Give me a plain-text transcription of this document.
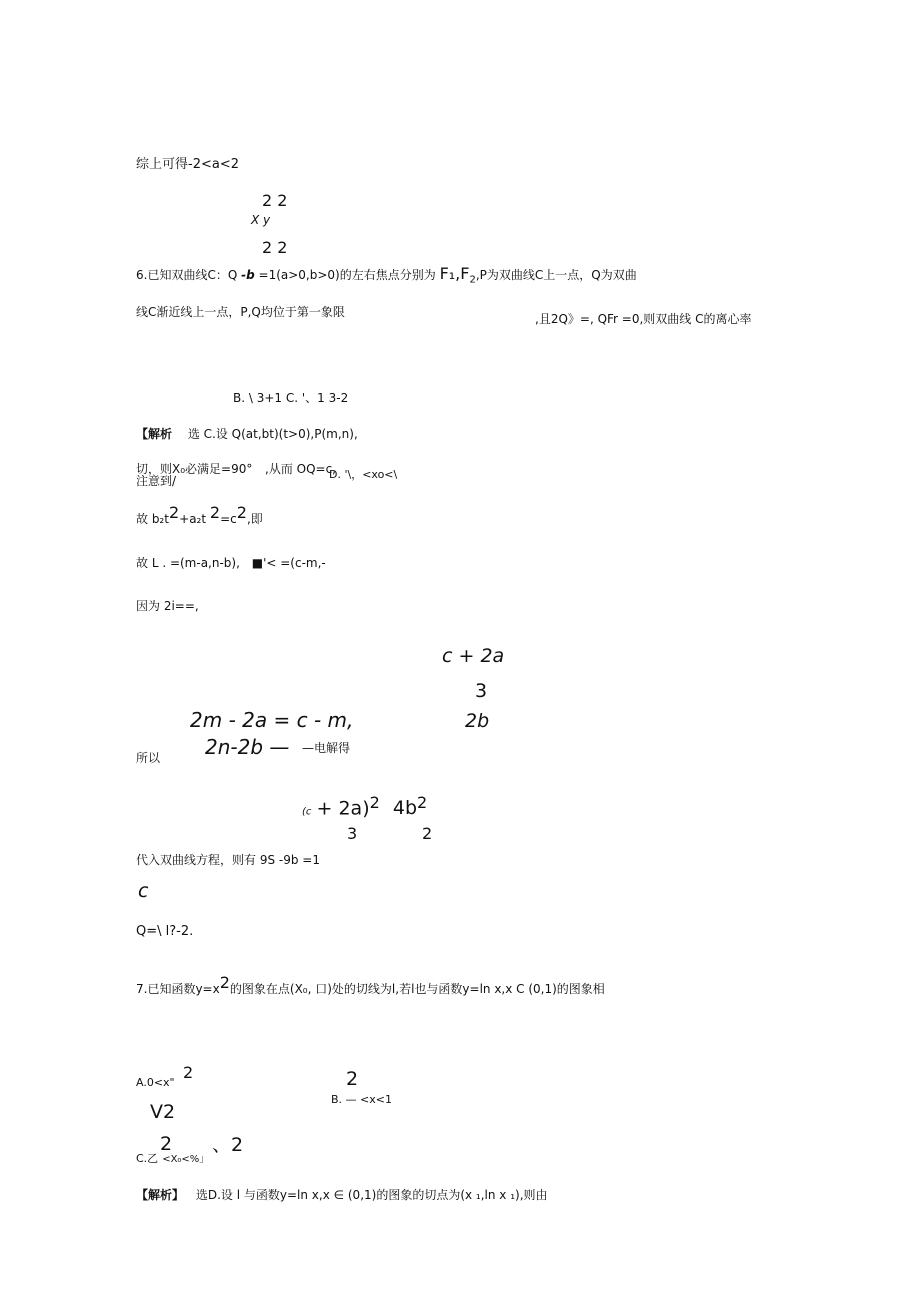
综上可得-2<a<2
2 2
X y
2 2
6.已知双曲线C：Q -b =1(a>0,b>0)的左右焦点分别为 $F_1,F_2,P$为双曲线C上一点，Q为双曲
线C渐近线上一点，P,Q均位于第一象限	,且2Q》=, QFr =0,则双曲线 C的离心率
B. \ 3+1 C. '、1 3-2
【解析 选 C.设 Q(at,bt)(t>0),P(m,n),
切，则X₀必满足=90° ,从而 OQ=c,
D. '\，<xo<\
注意到/
故 $b_2t^2+a_2t$ $^2=c^2$,即
故 L . =(m-a,n-b), ■'< =(c-m,-
因为 2i==,
c + 2a
3
2b
2m - 2a = c - m,
2n-2b — —电解得
所以
$(c + 2a)^2$ $4b^2$
3	2
代入双曲线方程，则有 9S -9b =1
c
Q=\ l?-2.
7.已知函数$y=x^2$的图象在点(X₀, 口)处的切线为l,若l也与函数y=ln x,x C (0,1)的图象相
A.0<x"
2	2
B. — <x<1
V2
2
C.乙 <X₀<%」
、2
【解析】 选D.设 l 与函数y=ln x,x ∈ (0,1)的图象的切点为(x ₁,ln x ₁),则由
